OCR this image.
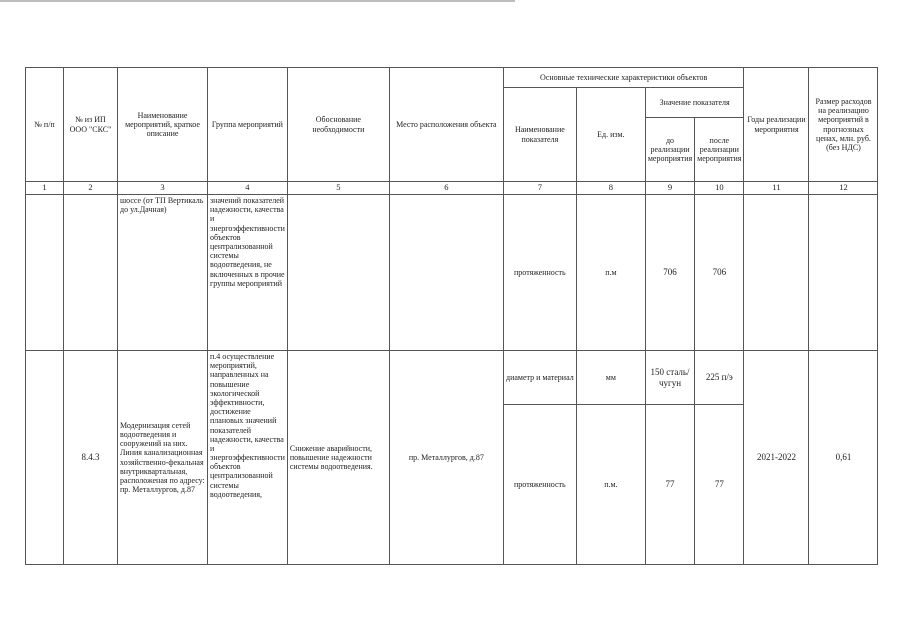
№ п/п	№ из ИП ООО "СКС"	Наименование мероприятий, краткое описание	Группа мероприятий	Обоснование необходимости	Место расположения объекта	Основные технические характеристики объектов				Годы реализации мероприятия	Размер расходов на реализацию мероприятий в прогнозных ценах, млн. руб. (без НДС)
						Наименование показателя	Ед. изм.	Значение показателя			
								до реализации мероприятия	после реализации мероприятия		
1	2	3	4	5	6	7	8	9	10	11	12
		шоссе (от ТП Вертикаль до ул.Дачная)	значений показателей надежности, качества и энергоэффективности объектов централизованной системы водоотведения, не включенных в прочие группы мероприятий			протяженность	п.м	706	706		
	8.4.3	Модернизация сетей водоотведения и сооружений на них. Линия канализационная хозяйственно-фекальная внутриквартальная, расположеная по адресу: пр. Металлургов, д.87	п.4 осуществление мероприятий, направленных на повышение экологической эффективности, достижение плановых значений показателей надежности, качества и энергоэффективности объектов централизованной системы водоотведения,	Снижение аварийности, повышение надежности системы водоотведения.	пр. Металлургов, д.87	диаметр и материал	мм	150 сталь/чугун	225 п/э	2021-2022	0,61
						протяженность	п.м.	77	77		
